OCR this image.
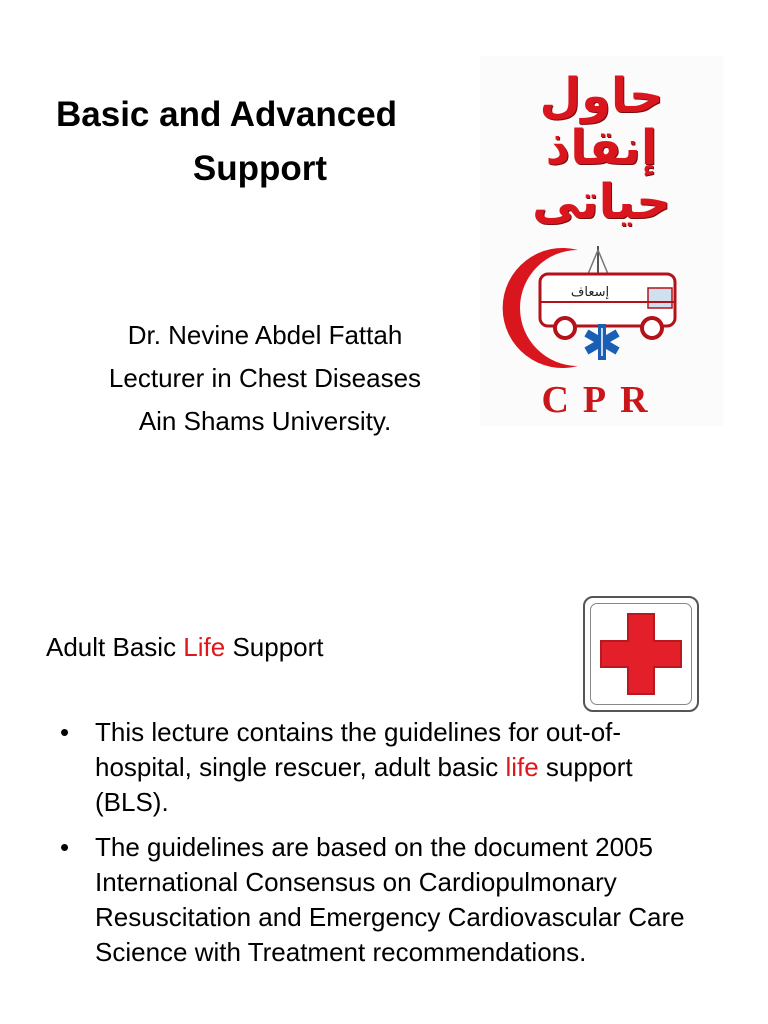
Basic and Advanced
Support
Dr. Nevine Abdel Fattah
Lecturer in Chest Diseases
Ain Shams University.
حاول
إنقاذ
حياتى
إسعاف
CPR
Adult Basic Life Support
• This lecture contains the guidelines for out-of-hospital, single rescuer, adult basic life support (BLS).
• The guidelines are based on the document 2005 International Consensus on Cardiopulmonary Resuscitation and Emergency Cardiovascular Care Science with Treatment recommendations.
